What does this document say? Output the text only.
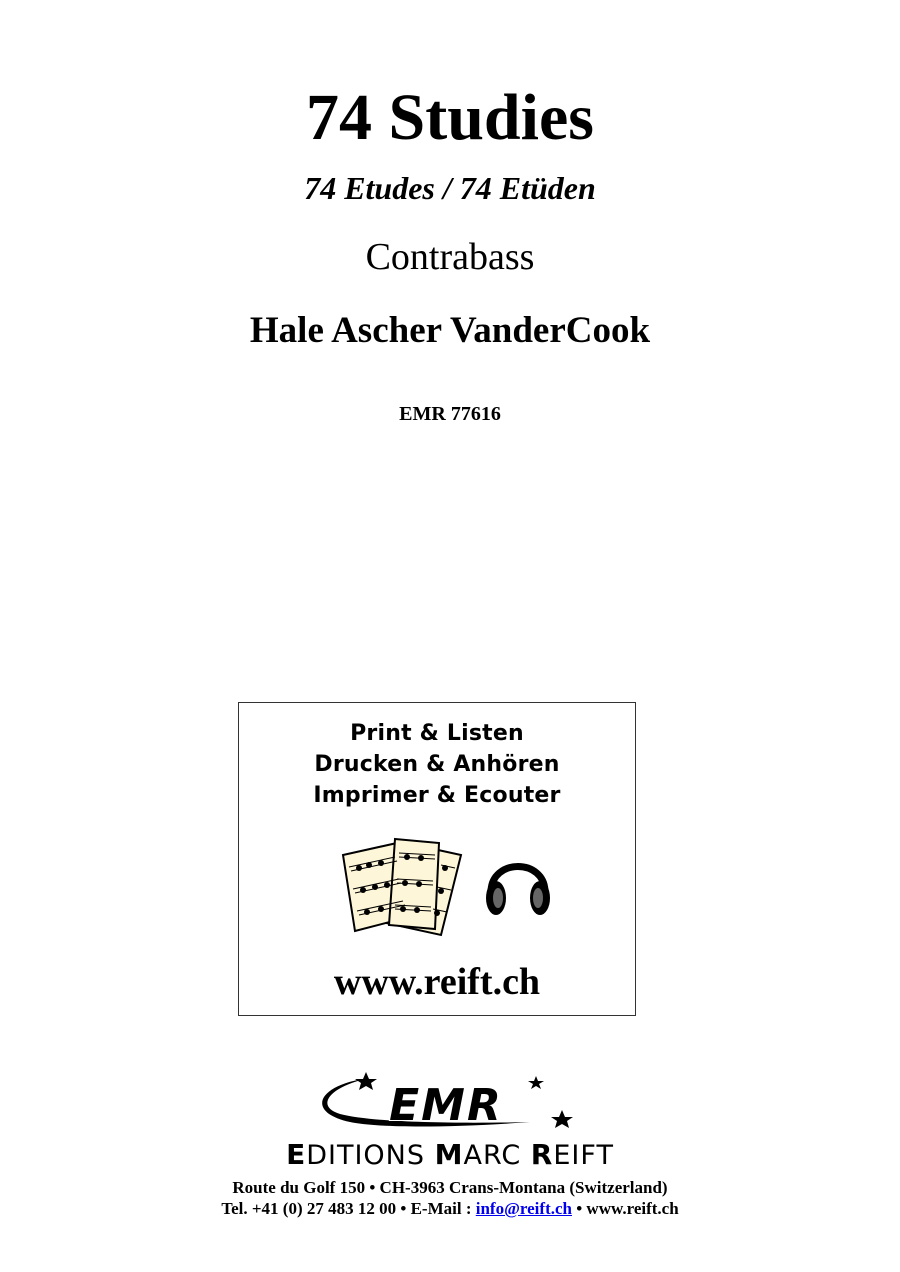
74 Studies
74 Etudes / 74 Etüden
Contrabass
Hale Ascher VanderCook
EMR 77616
Print & Listen
Drucken & Anhören
Imprimer & Ecouter
www.reift.ch
EMR
EDITIONS MARC REIFT
Route du Golf 150 • CH-3963 Crans-Montana (Switzerland)
Tel. +41 (0) 27 483 12 00 • E-Mail : info@reift.ch • www.reift.ch
